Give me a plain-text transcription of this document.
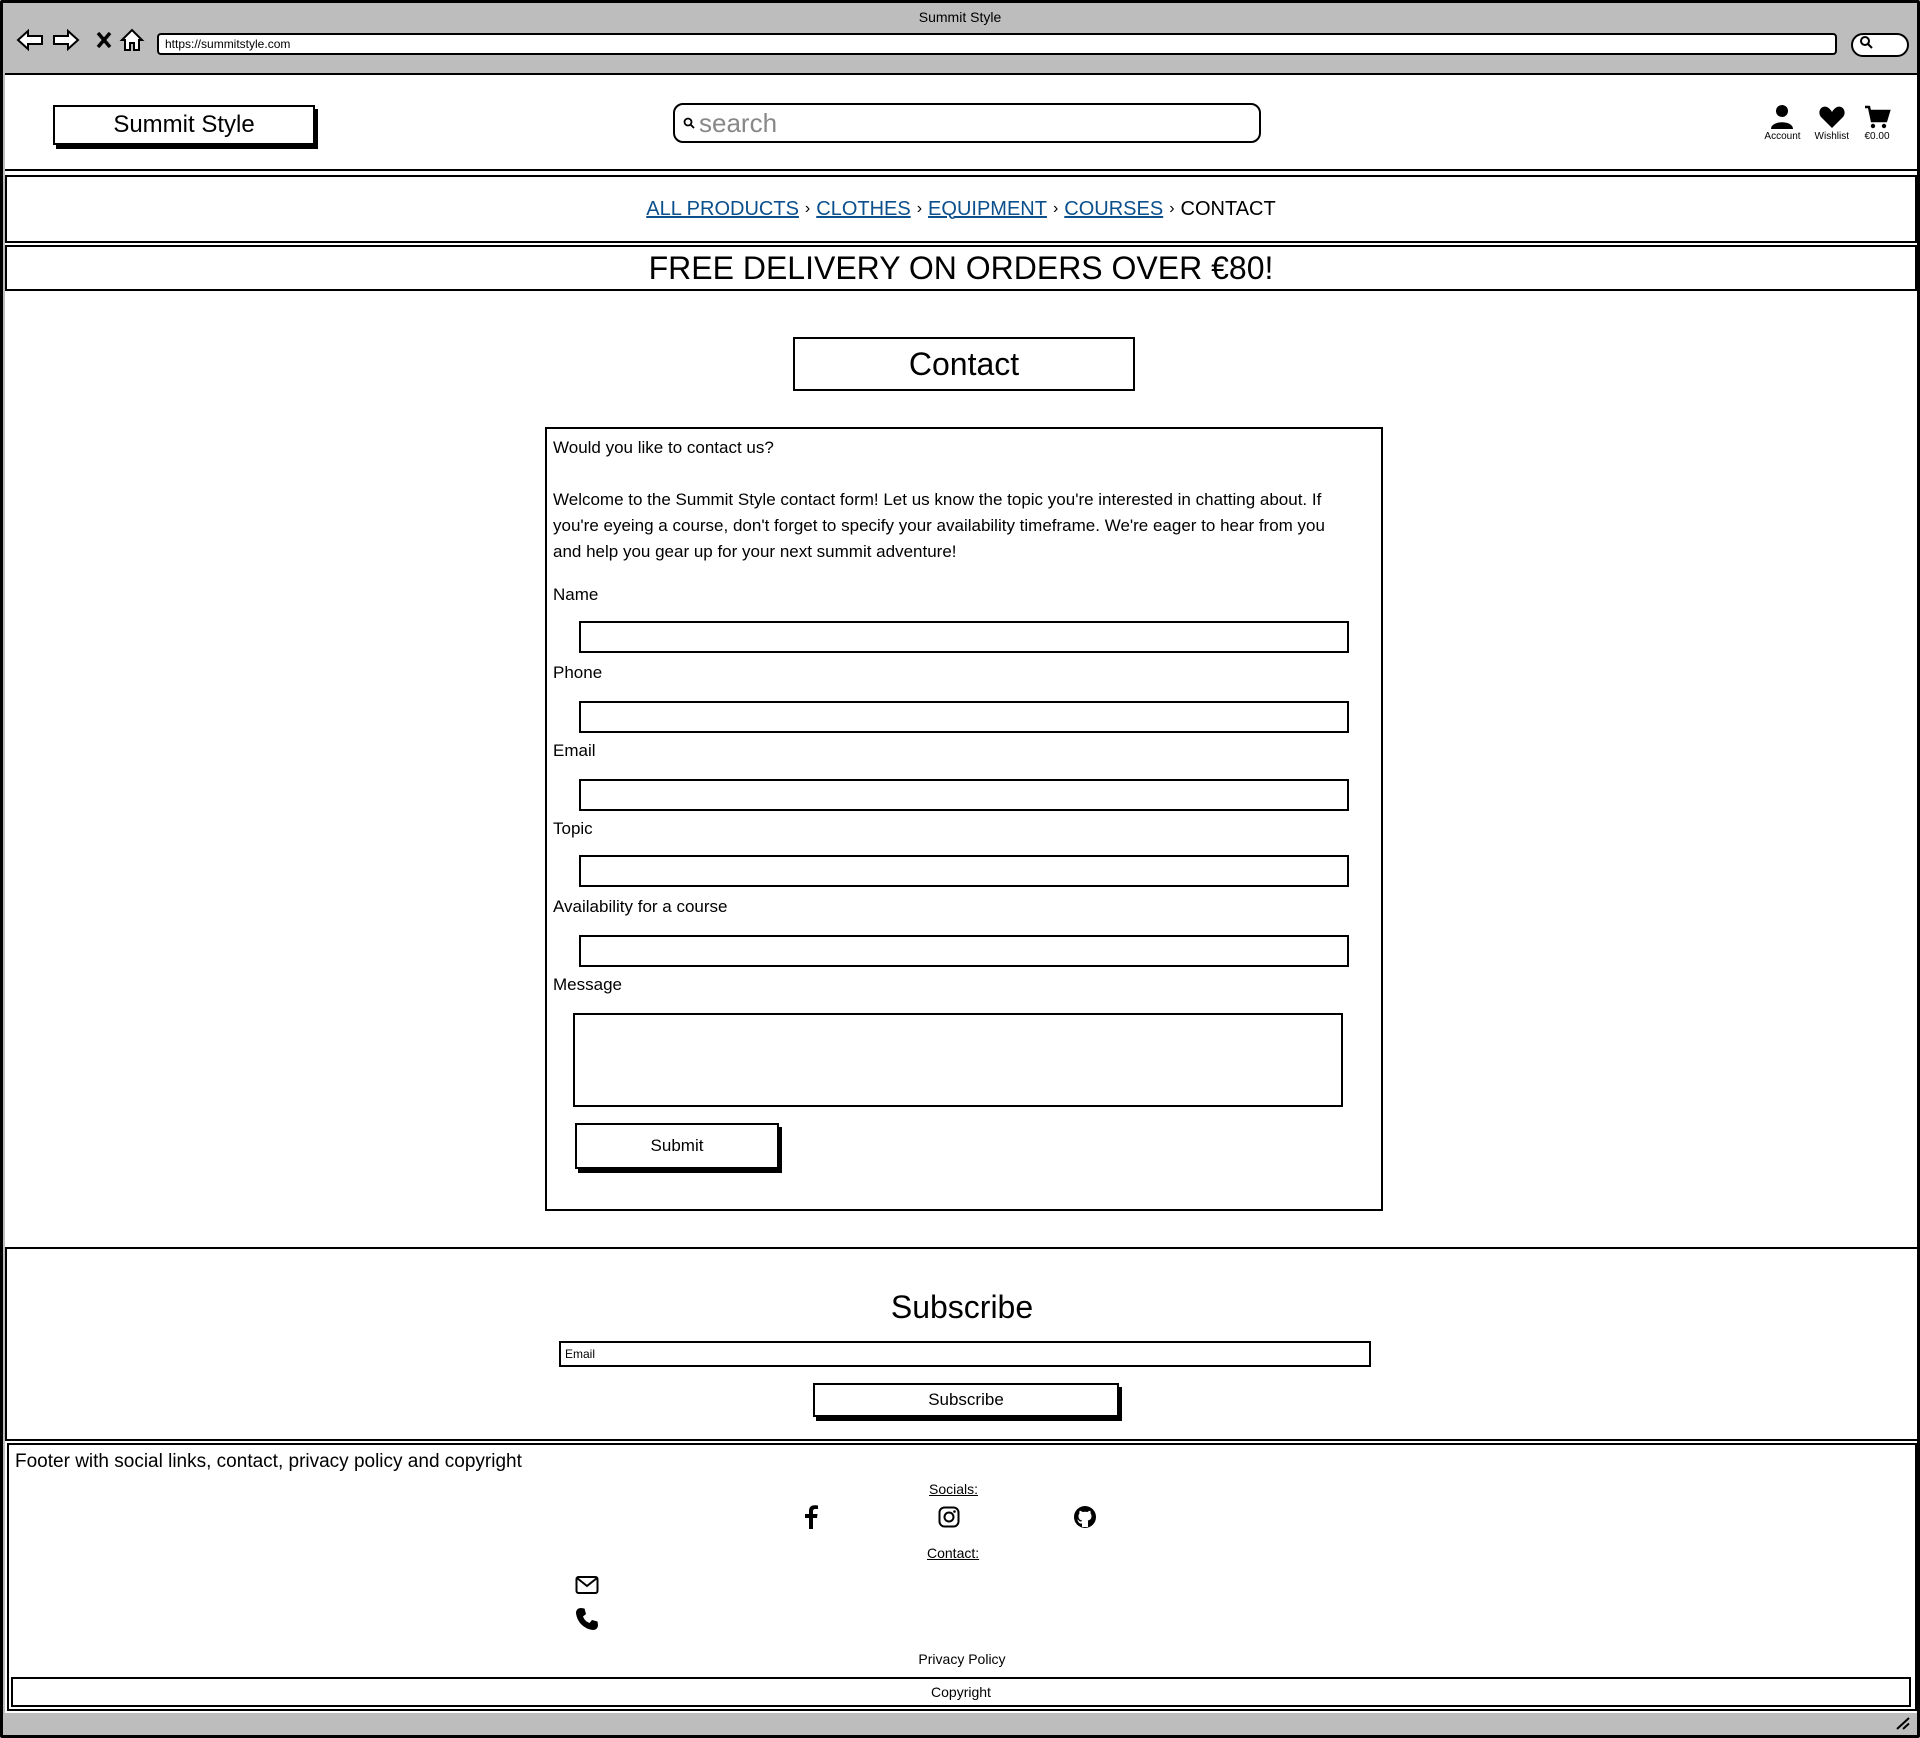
Summit Style
https://summitstyle.com
Summit Style
search	Account Wishlist €0.00
ALL PRODUCTS › CLOTHES › EQUIPMENT › COURSES › CONTACT
FREE DELIVERY ON ORDERS OVER €80!
Contact

Would you like to contact us?

Welcome to the Summit Style contact form! Let us know the topic you're interested in chatting about. If you're eyeing a course, don't forget to specify your availability timeframe. We're eager to hear from you and help you gear up for your next summit adventure!

Name
Phone
Email
Topic
Availability for a course
Message
Submit
Subscribe
Email
Subscribe
Footer with social links, contact, privacy policy and copyright
Socials:
Contact:
Privacy Policy
Copyright
